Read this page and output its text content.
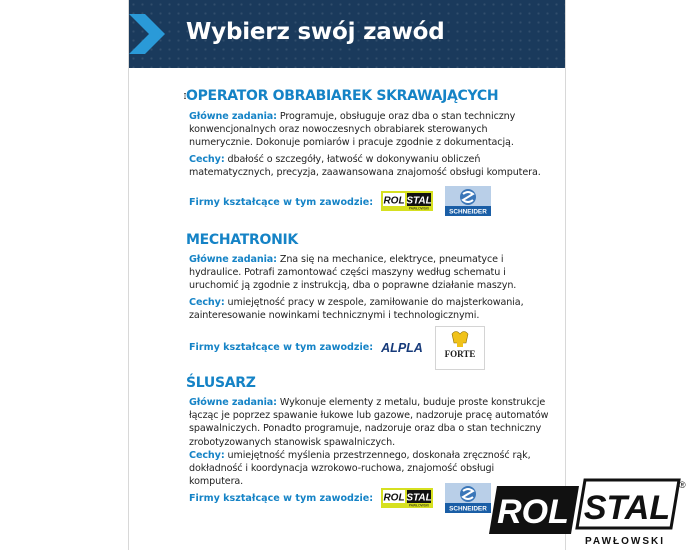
Wybierz swój zawód
OPERATOR OBRABIAREK SKRAWAJĄCYCH
Główne zadania: Programuje, obsługuje oraz dba o stan techniczny konwencjonalnych oraz nowoczesnych obrabiarek sterowanych numerycznie. Dokonuje pomiarów i pracuje zgodnie z dokumentacją.
Cechy: dbałość o szczegóły, łatwość w dokonywaniu obliczeń matematycznych, precyzja, zaawansowana znajomość obsługi komputera.
Firmy kształcące w tym zawodzie: ROL STAL
PAWŁOWSKI	SCHNEIDER
MECHATRONIK
Główne zadania: Zna się na mechanice, elektryce, pneumatyce i hydraulice. Potrafi zamontować części maszyny według schematu i uruchomić ją zgodnie z instrukcją, dba o poprawne działanie maszyn.
Cechy: umiejętność pracy w zespole, zamiłowanie do majsterkowania, zainteresowanie nowinkami technicznymi i technologicznymi.
Firmy kształcące w tym zawodzie: ALPLA FORTE
ŚLUSARZ
Główne zadania: Wykonuje elementy z metalu, buduje proste konstrukcje łącząc je poprzez spawanie łukowe lub gazowe, nadzoruje pracę automatów spawalniczych. Ponadto programuje, nadzoruje oraz dba o stan techniczny zrobotyzowanych stanowisk spawalniczych.
Cechy: umiejętność myślenia przestrzennego, doskonała zręczność rąk, dokładność i koordynacja wzrokowo-ruchowa, znajomość obsługi komputera.
Firmy kształcące w tym zawodzie: ROL STAL
PAWŁOWSKI	SCHNEIDER ROL STAL
®
PAWŁOWSKI
